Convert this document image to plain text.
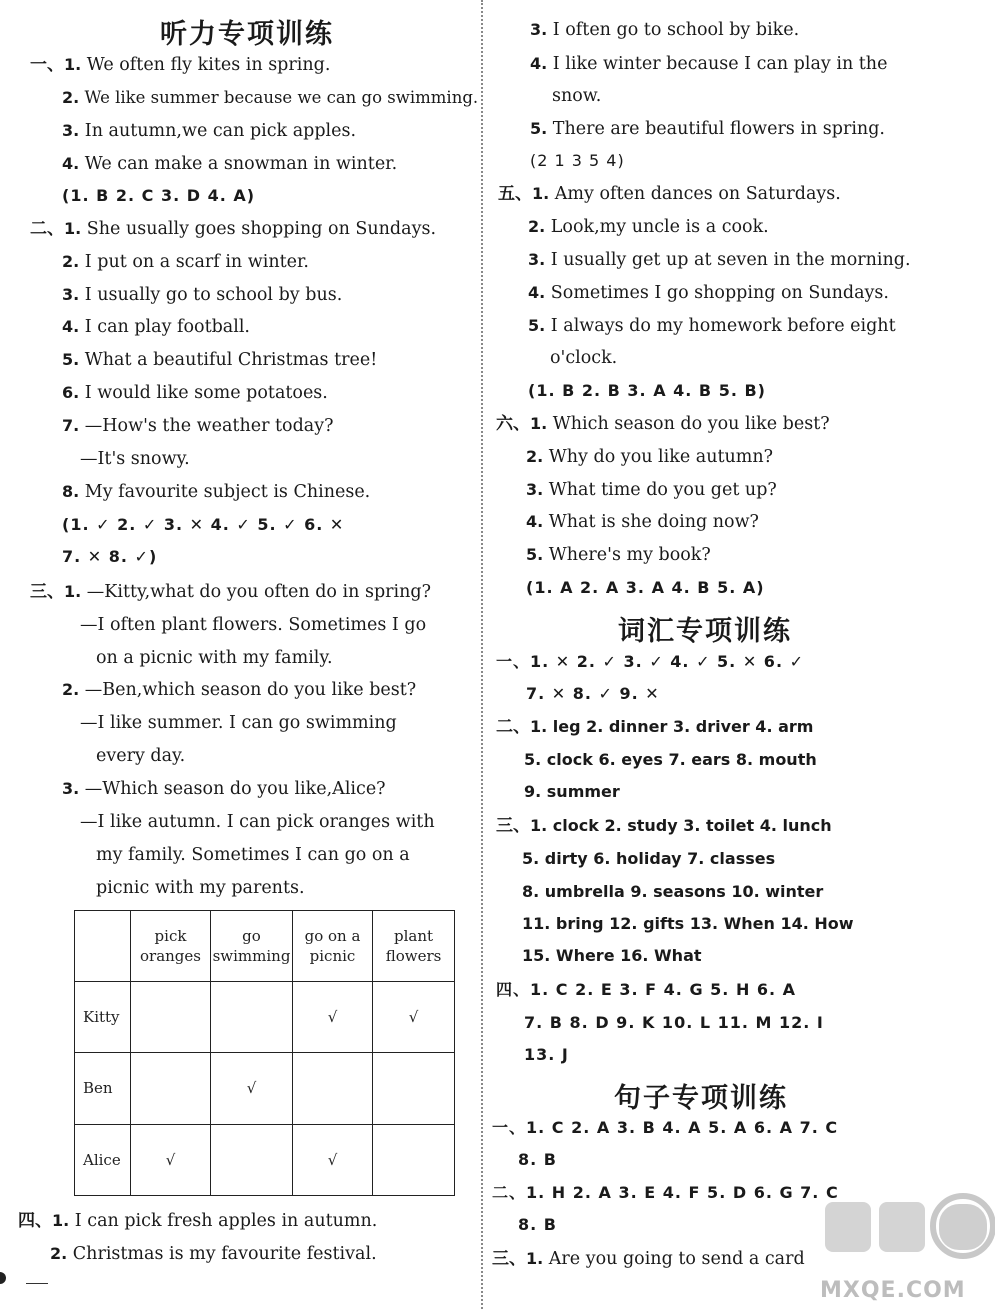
听力专项训练
一、1. We often fly kites in spring.
2. We like summer because we can go swimming.
3. In autumn,we can pick apples.
4. We can make a snowman in winter.
(1. B 2. C 3. D 4. A)
二、1. She usually goes shopping on Sundays.
2. I put on a scarf in winter.
3. I usually go to school by bus.
4. I can play football.
5. What a beautiful Christmas tree!
6. I would like some potatoes.
7. —How's the weather today?
—It's snowy.
8. My favourite subject is Chinese.
(1. ✓ 2. ✓ 3. ✕ 4. ✓ 5. ✓ 6. ✕
7. ✕ 8. ✓)
三、1. —Kitty,what do you often do in spring?
—I often plant flowers. Sometimes I go
on a picnic with my family.
2. —Ben,which season do you like best?
—I like summer. I can go swimming
every day.
3. —Which season do you like,Alice?
—I like autumn. I can pick oranges with
my family. Sometimes I can go on a
picnic with my parents.
	pick oranges	go swimming	go on a picnic	plant flowers
Kitty			√	√
Ben		√		
Alice	√		√	
四、1. I can pick fresh apples in autumn.
2. Christmas is my favourite festival.
3. I often go to school by bike.
4. I like winter because I can play in the
snow.
5. There are beautiful flowers in spring.
(2 1 3 5 4)
五、1. Amy often dances on Saturdays.
2. Look,my uncle is a cook.
3. I usually get up at seven in the morning.
4. Sometimes I go shopping on Sundays.
5. I always do my homework before eight
o'clock.
(1. B 2. B 3. A 4. B 5. B)
六、1. Which season do you like best?
2. Why do you like autumn?
3. What time do you get up?
4. What is she doing now?
5. Where's my book?
(1. A 2. A 3. A 4. B 5. A)
词汇专项训练
一、1. ✕ 2. ✓ 3. ✓ 4. ✓ 5. ✕ 6. ✓
7. ✕ 8. ✓ 9. ✕
二、1. leg 2. dinner 3. driver 4. arm
5. clock 6. eyes 7. ears 8. mouth
9. summer
三、1. clock 2. study 3. toilet 4. lunch
5. dirty 6. holiday 7. classes
8. umbrella 9. seasons 10. winter
11. bring 12. gifts 13. When 14. How
15. Where 16. What
四、1. C 2. E 3. F 4. G 5. H 6. A
7. B 8. D 9. K 10. L 11. M 12. I
13. J
句子专项训练
一、1. C 2. A 3. B 4. A 5. A 6. A 7. C
8. B
二、1. H 2. A 3. E 4. F 5. D 6. G 7. C
8. B
三、1. Are you going to send a card
MXQE.COM
